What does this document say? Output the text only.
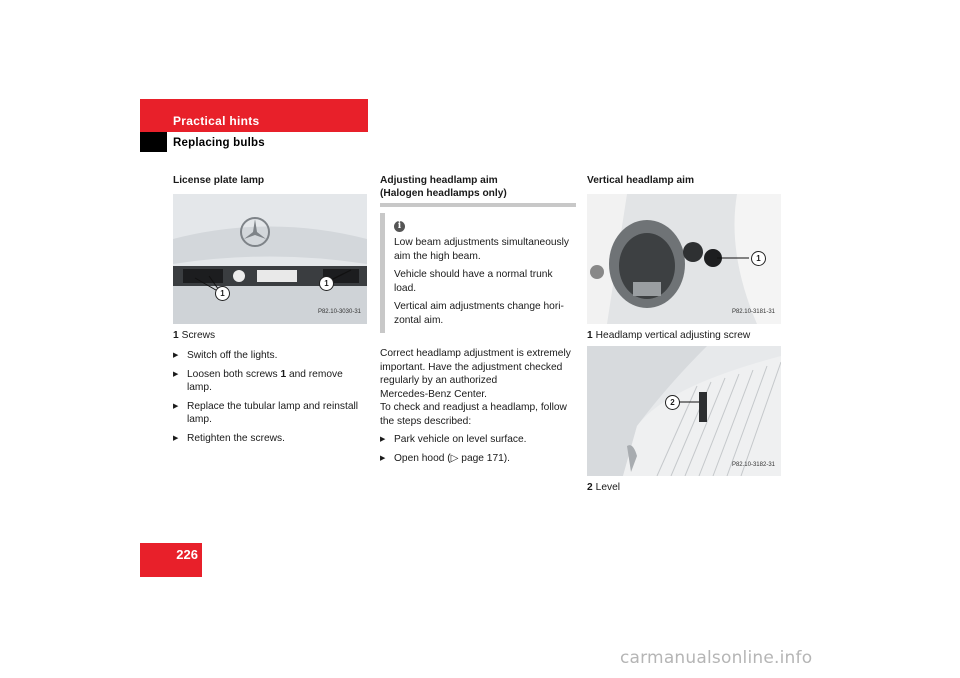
Practical hints
Replacing bulbs

License plate lamp

1
1
P82.10-3030-31

1 Screws

▶ Switch off the lights.
▶ Loosen both screws 1 and remove lamp.
▶ Replace the tubular lamp and reinstall lamp.
▶ Retighten the screws.

Adjusting headlamp aim
(Halogen headlamps only)

i

Low beam adjustments simultaneously aim the high beam.

Vehicle should have a normal trunk load.

Vertical aim adjustments change hori-zontal aim.

Correct headlamp adjustment is extremely important. Have the adjustment checked regularly by an authorized

Mercedes-Benz Center.

To check and readjust a headlamp, follow the steps described:

▶ Park vehicle on level surface.
▶ Open hood (▷ page 171).

Vertical headlamp aim

1
P82.10-3181-31

1 Headlamp vertical adjusting screw

2
P82.10-3182-31

2 Level

226
carmanualsonline.info
